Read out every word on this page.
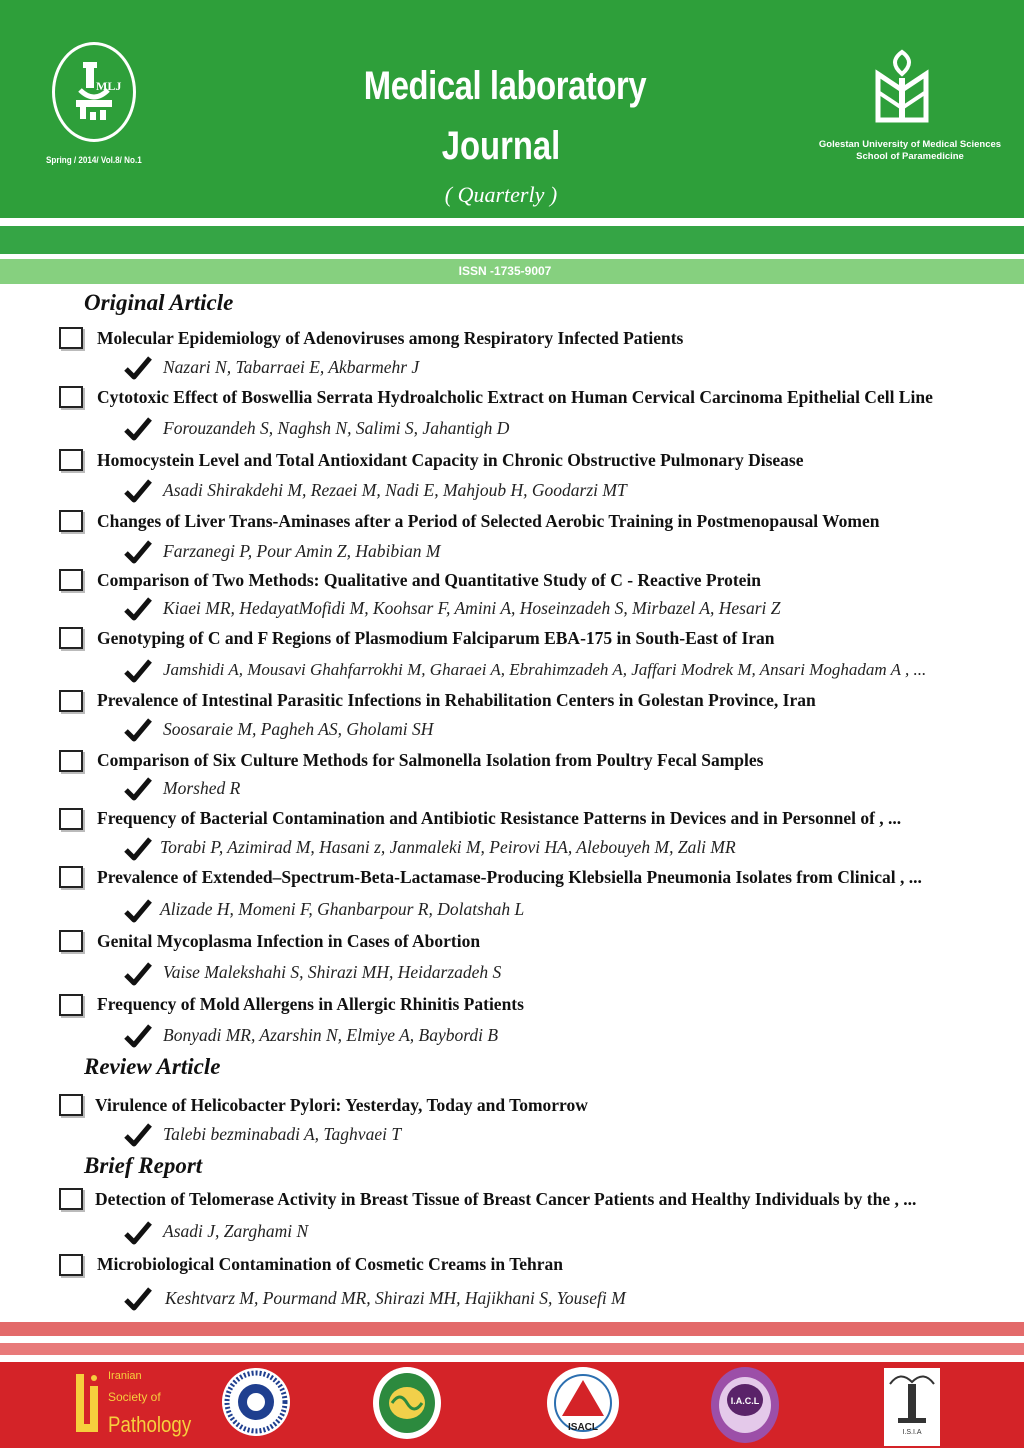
MLJ
Spring / 2014/ Vol.8/ No.1
Medical laboratory
Journal
( Quarterly )
Golestan University of Medical Sciences
School of Paramedicine
ISSN -1735-9007
Original Article
Molecular Epidemiology of Adenoviruses among Respiratory Infected Patients
Nazari N, Tabarraei E, Akbarmehr J
Cytotoxic Effect of Boswellia Serrata Hydroalcholic Extract on Human Cervical Carcinoma Epithelial Cell Line
Forouzandeh S, Naghsh N, Salimi S, Jahantigh D
Homocystein Level and Total Antioxidant Capacity in Chronic Obstructive Pulmonary Disease
Asadi Shirakdehi M, Rezaei M, Nadi E, Mahjoub H, Goodarzi MT
Changes of Liver Trans-Aminases after a Period of Selected Aerobic Training in Postmenopausal Women
Farzanegi P, Pour Amin Z, Habibian M
Comparison of Two Methods: Qualitative and Quantitative Study of C - Reactive Protein
Kiaei MR, HedayatMofidi M, Koohsar F, Amini A, Hoseinzadeh S, Mirbazel A, Hesari Z
Genotyping of C and F Regions of Plasmodium Falciparum EBA-175 in South-East of Iran
Jamshidi A, Mousavi Ghahfarrokhi M, Gharaei A, Ebrahimzadeh A, Jaffari Modrek M, Ansari Moghadam A , ...
Prevalence of Intestinal Parasitic Infections in Rehabilitation Centers in Golestan Province, Iran
Soosaraie M, Pagheh AS, Gholami SH
Comparison of Six Culture Methods for Salmonella Isolation from Poultry Fecal Samples
Morshed R
Frequency of Bacterial Contamination and Antibiotic Resistance Patterns in Devices and in Personnel of , ...
Torabi P, Azimirad M, Hasani z, Janmaleki M, Peirovi HA, Alebouyeh M, Zali MR
Prevalence of Extended–Spectrum-Beta-Lactamase-Producing Klebsiella Pneumonia Isolates from Clinical , ...
Alizade H, Momeni F, Ghanbarpour R, Dolatshah L
Genital Mycoplasma Infection in Cases of Abortion
Vaise Malekshahi S, Shirazi MH, Heidarzadeh S
Frequency of Mold Allergens in Allergic Rhinitis Patients
Bonyadi MR, Azarshin N, Elmiye A, Baybordi B
Review Article
Virulence of Helicobacter Pylori: Yesterday, Today and Tomorrow
Talebi bezminabadi A, Taghvaei T
Brief Report
Detection of Telomerase Activity in Breast Tissue of Breast Cancer Patients and Healthy Individuals by the , ...
Asadi J, Zarghami N
Microbiological Contamination of Cosmetic Creams in Tehran
Keshtvarz M, Pourmand MR, Shirazi MH, Hajikhani S, Yousefi M
Iranian
Society of
Pathology	ISACL
I.A.C.L
I.S.I.A
